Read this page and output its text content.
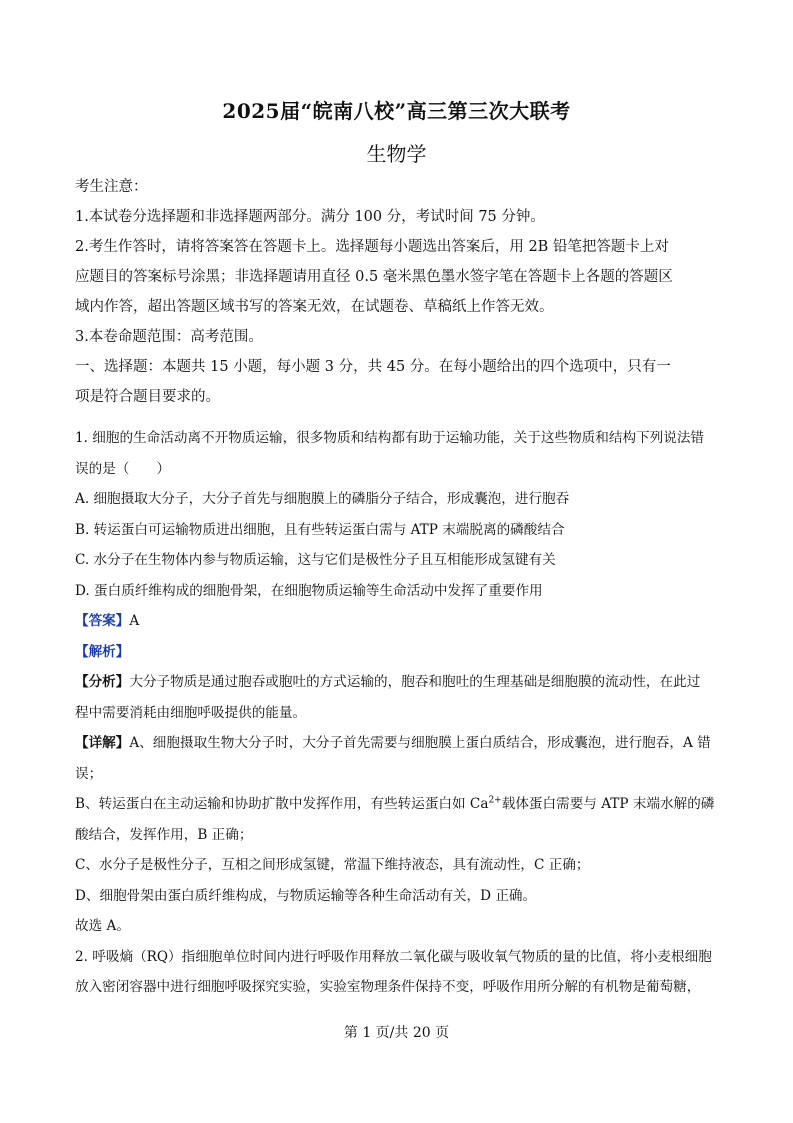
2025届“皖南八校”高三第三次大联考
生物学
考生注意：
1.本试卷分选择题和非选择题两部分。满分 100 分，考试时间 75 分钟。
2.考生作答时，请将答案答在答题卡上。选择题每小题选出答案后，用 2B 铅笔把答题卡上对
应题目的答案标号涂黑；非选择题请用直径 0.5 毫米黑色墨水签字笔在答题卡上各题的答题区
域内作答，超出答题区域书写的答案无效，在试题卷、草稿纸上作答无效。
3.本卷命题范围：高考范围。
一、选择题：本题共 15 小题，每小题 3 分，共 45 分。在每小题给出的四个选项中，只有一
项是符合题目要求的。
1. 细胞的生命活动离不开物质运输，很多物质和结构都有助于运输功能，关于这些物质和结构下列说法错
误的是（　　）
A. 细胞摄取大分子，大分子首先与细胞膜上的磷脂分子结合，形成囊泡，进行胞吞
B. 转运蛋白可运输物质进出细胞，且有些转运蛋白需与 ATP 末端脱离的磷酸结合
C. 水分子在生物体内参与物质运输，这与它们是极性分子且互相能形成氢键有关
D. 蛋白质纤维构成的细胞骨架，在细胞物质运输等生命活动中发挥了重要作用
【答案】A
【解析】
【分析】大分子物质是通过胞吞或胞吐的方式运输的，胞吞和胞吐的生理基础是细胞膜的流动性，在此过
程中需要消耗由细胞呼吸提供的能量。
【详解】A、细胞摄取生物大分子时，大分子首先需要与细胞膜上蛋白质结合，形成囊泡，进行胞吞，A 错
误；
B、转运蛋白在主动运输和协助扩散中发挥作用，有些转运蛋白如 $Ca^{2+}$载体蛋白需要与 ATP 末端水解的磷
酸结合，发挥作用，B 正确；
C、水分子是极性分子，互相之间形成氢键，常温下维持液态，具有流动性，C 正确；
D、细胞骨架由蛋白质纤维构成，与物质运输等各种生命活动有关，D 正确。
故选 A。
2. 呼吸熵（RQ）指细胞单位时间内进行呼吸作用释放二氧化碳与吸收氧气物质的量的比值，将小麦根细胞
放入密闭容器中进行细胞呼吸探究实验，实验室物理条件保持不变，呼吸作用所分解的有机物是葡萄糖，
第 1 页/共 20 页
